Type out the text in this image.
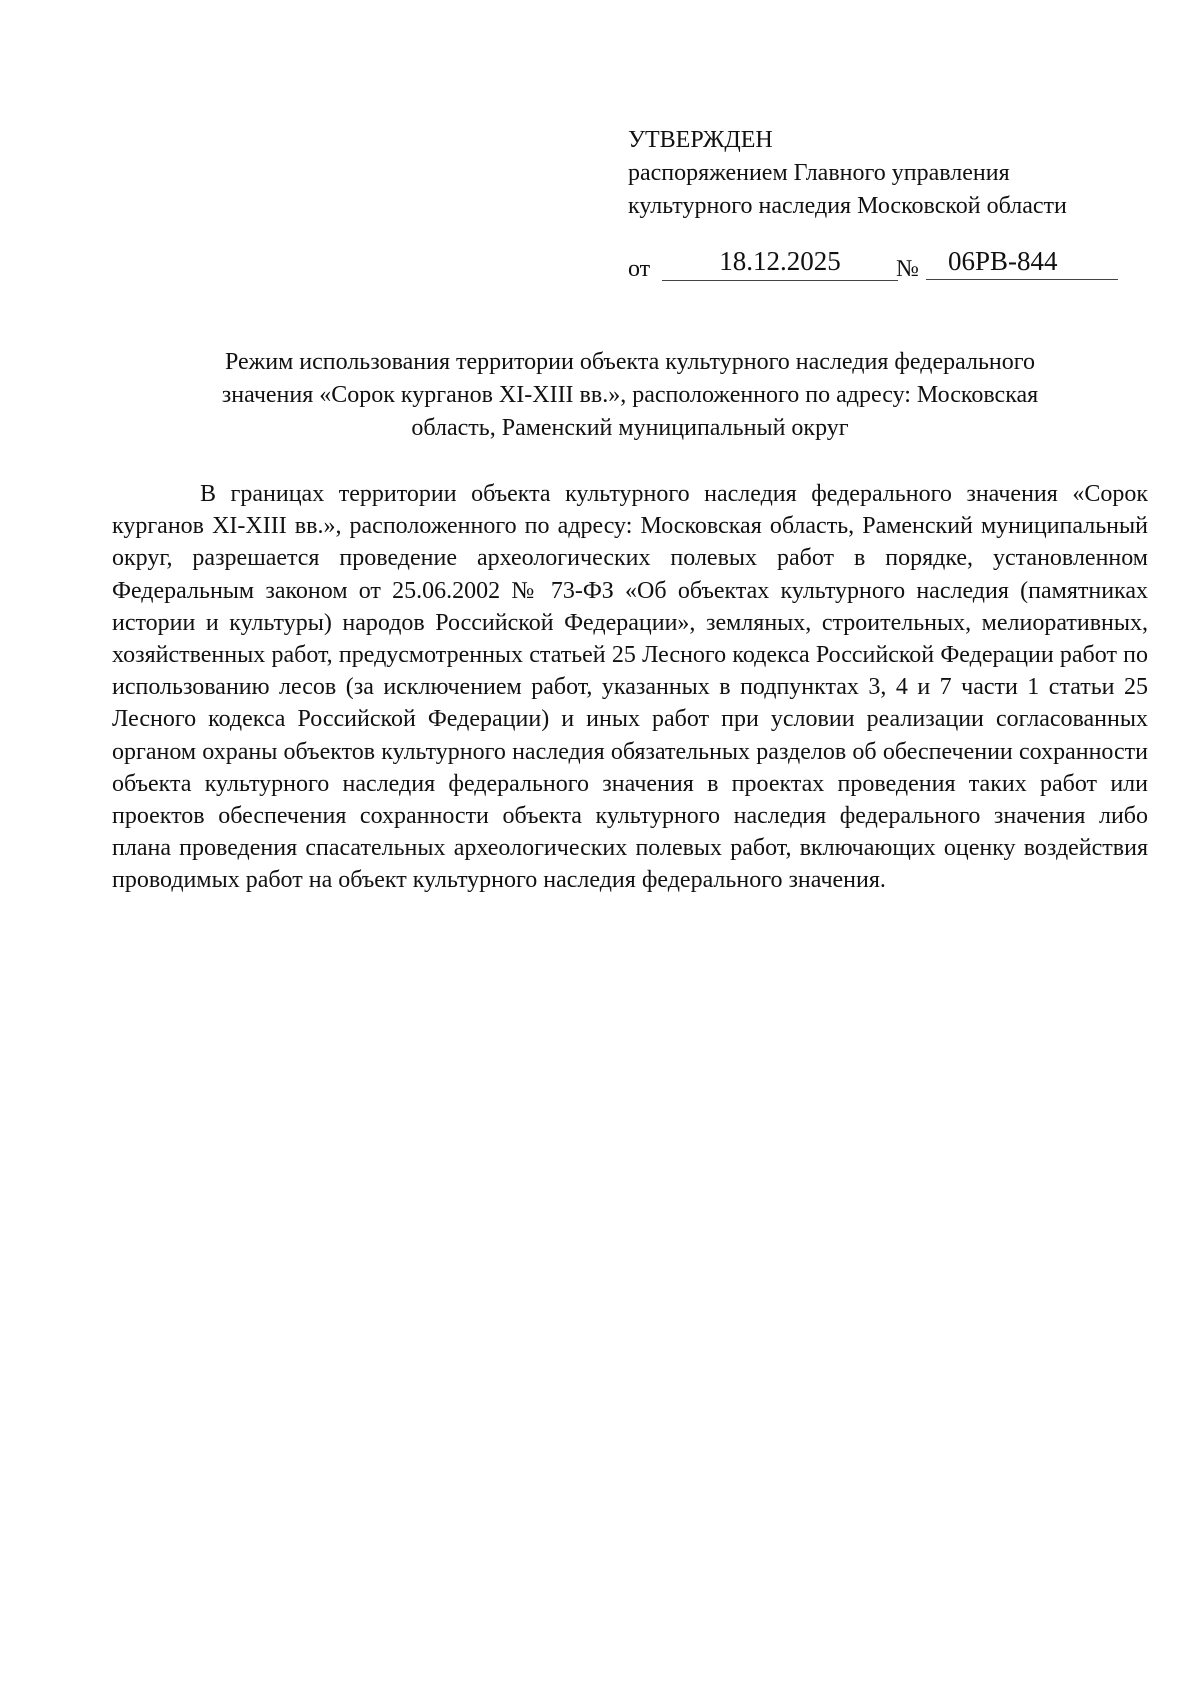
УТВЕРЖДЕН
распоряжением Главного управления
культурного наследия Московской области
от	18.12.2025	№	06РВ-844
Режим использования территории объекта культурного наследия федерального
значения «Сорок курганов XI-XIII вв.», расположенного по адресу: Московская
область, Раменский муниципальный округ

В границах территории объекта культурного наследия федерального значения «Сорок курганов XI-XIII вв.», расположенного по адресу: Московская область, Раменский муниципальный округ, разрешается проведение археологических полевых работ в порядке, установленном Федеральным законом от 25.06.2002 № 73-ФЗ «Об объектах культурного наследия (памятниках истории и культуры) народов Российской Федерации», земляных, строительных, мелиоративных, хозяйственных работ, предусмотренных статьей 25 Лесного кодекса Российской Федерации работ по использованию лесов (за исключением работ, указанных в подпунктах 3, 4 и 7 части 1 статьи 25 Лесного кодекса Российской Федерации) и иных работ при условии реализации согласованных органом охраны объектов культурного наследия обязательных разделов об обеспечении сохранности объекта культурного наследия федерального значения в проектах проведения таких работ или проектов обеспечения сохранности объекта культурного наследия федерального значения либо плана проведения спасательных археологических полевых работ, включающих оценку воздействия проводимых работ на объект культурного наследия федерального значения.
